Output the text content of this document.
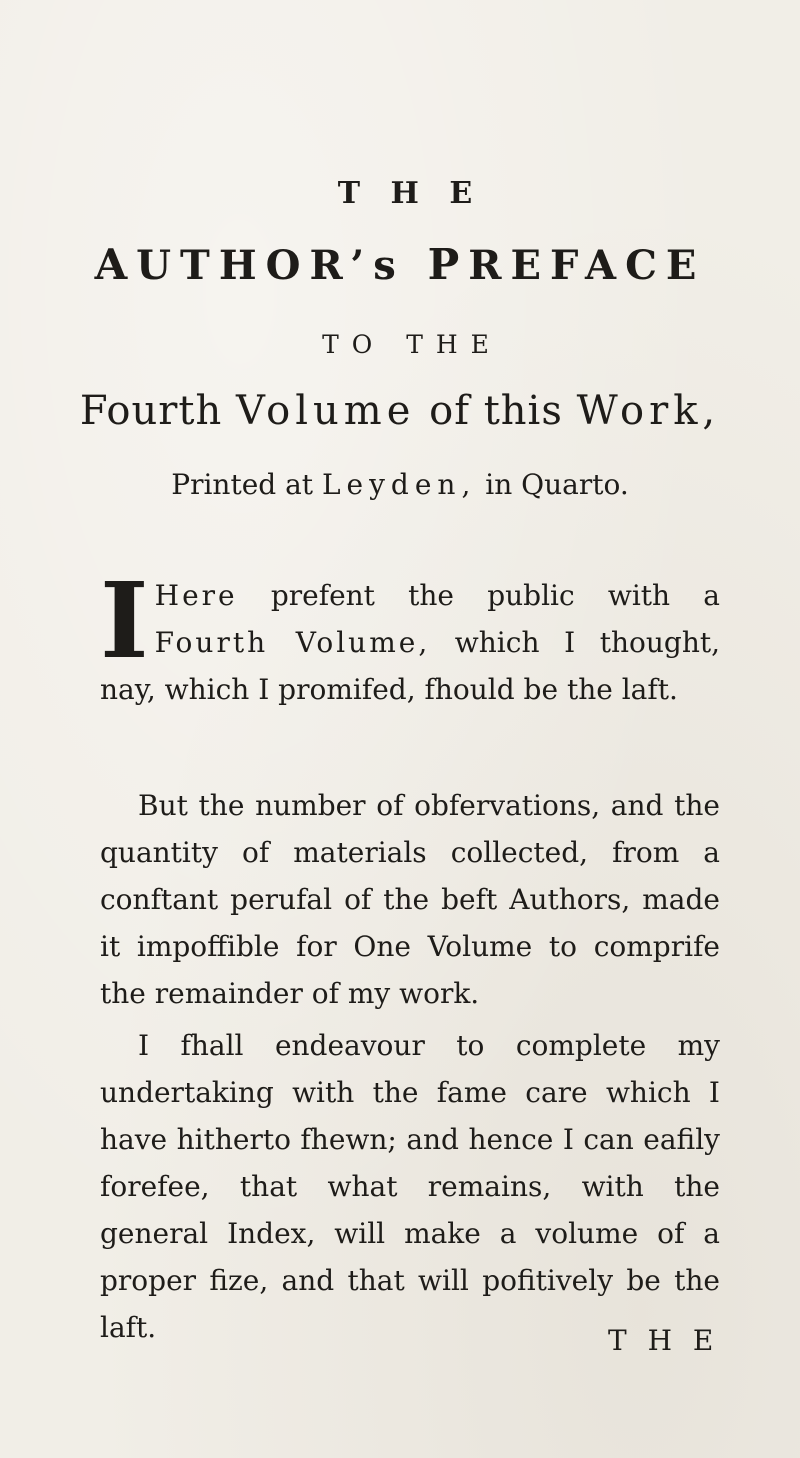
T H E
AUTHOR’s PREFACE
TO THE
Fourth Volume of this Work,
Printed at Leyden, in Quarto.

I Here prefent the public with a Fourth Volume, which I thought, nay, which I promifed, fhould be the laft.

But the number of obfervations, and the quantity of materials collected, from a conftant perufal of the beft Authors, made it impoffible for One Volume to comprife the remainder of my work.

I fhall endeavour to complete my undertaking with the fame care which I have hitherto fhewn; and hence I can eafily forefee, that what remains, with the general Index, will make a volume of a proper fize, and that will pofitively be the laft.	T H E
